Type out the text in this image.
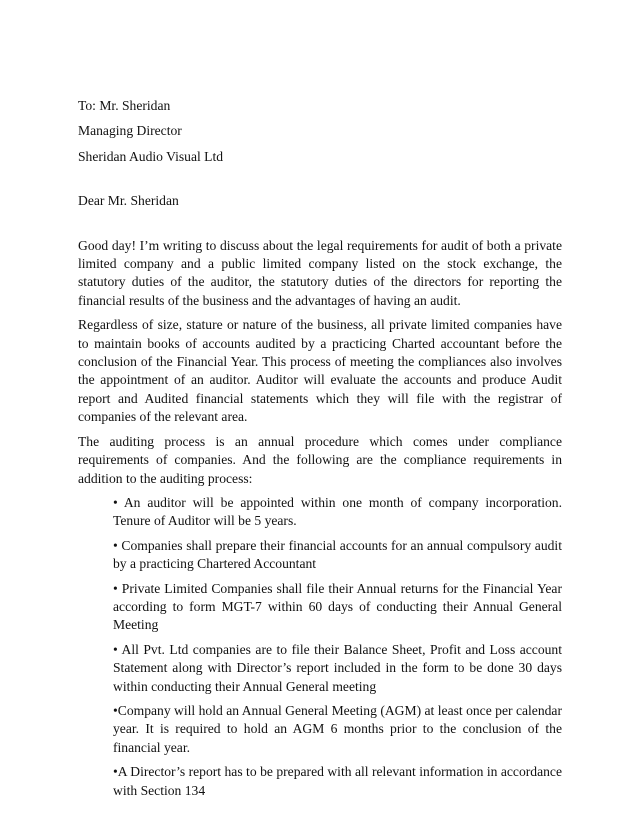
To: Mr. Sheridan

Managing Director

Sheridan Audio Visual Ltd

Dear Mr. Sheridan

Good day! I’m writing to discuss about the legal requirements for audit of both a private limited company and a public limited company listed on the stock exchange, the statutory duties of the auditor, the statutory duties of the directors for reporting the financial results of the business and the advantages of having an audit.

Regardless of size, stature or nature of the business, all private limited companies have to maintain books of accounts audited by a practicing Charted accountant before the conclusion of the Financial Year. This process of meeting the compliances also involves the appointment of an auditor. Auditor will evaluate the accounts and produce Audit report and Audited financial statements which they will file with the registrar of companies of the relevant area.

The auditing process is an annual procedure which comes under compliance requirements of companies. And the following are the compliance requirements in addition to the auditing process:

• An auditor will be appointed within one month of company incorporation. Tenure of Auditor will be 5 years.
• Companies shall prepare their financial accounts for an annual compulsory audit by a practicing Chartered Accountant
• Private Limited Companies shall file their Annual returns for the Financial Year according to form MGT-7 within 60 days of conducting their Annual General Meeting
• All Pvt. Ltd companies are to file their Balance Sheet, Profit and Loss account Statement along with Director’s report included in the form to be done 30 days within conducting their Annual General meeting
•Company will hold an Annual General Meeting (AGM) at least once per calendar year. It is required to hold an AGM 6 months prior to the conclusion of the financial year.
•A Director’s report has to be prepared with all relevant information in accordance with Section 134
